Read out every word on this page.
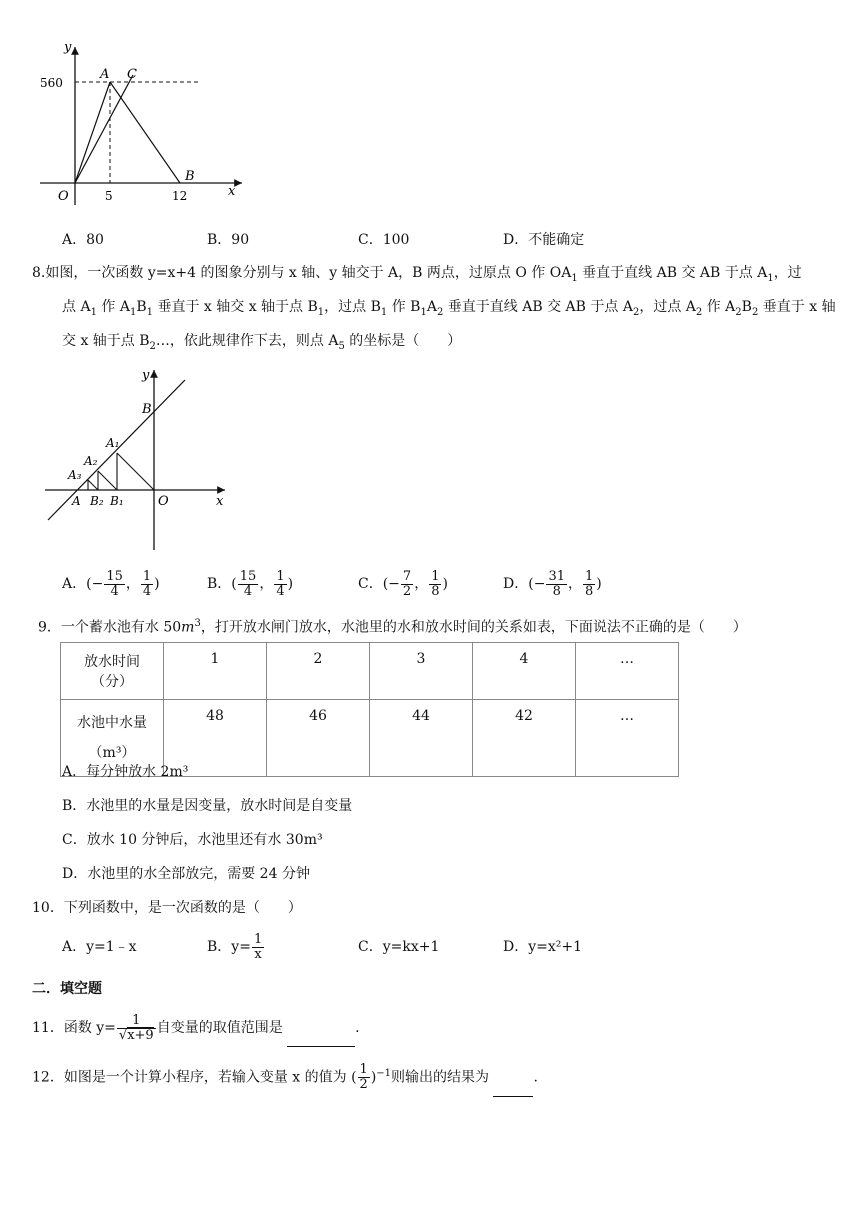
y
x
O
560
5	12
A C
B
A．80	B．90	C．100	D．不能确定
8.如图，一次函数 y=x+4 的图象分别与 x 轴、y 轴交于 A，B 两点，过原点 O 作 $OA_1$ 垂直于直线 AB 交 AB 于点 $A_1$，过
点 $A_1$ 作 $A_1B_1$ 垂直于 x 轴交 x 轴于点 $B_1$，过点 $B_1$ 作 $B_1A_2$ 垂直于直线 AB 交 AB 于点 $A_2$，过点 $A_2$ 作 $A_2B_2$ 垂直于 x 轴
交 x 轴于点 $B_2\dots$，依此规律作下去，则点 $A_5$ 的坐标是（　　）
y
x
O
B
A₁
A₂
A₃
A B₂ B₁
A．(− $\frac{15}{4}$ ， $\frac{1}{4}$ )	B．( $\frac{15}{4}$ ， $\frac{1}{4}$ )	C．(− $\frac{7}{2}$ ， $\frac{1}{8}$ )	D．(− $\frac{31}{8}$ ， $\frac{1}{8}$ )
9．一个蓄水池有水 $50m^3$，打开放水闸门放水，水池里的水和放水时间的关系如表，下面说法不正确的是（　　）
放水时间（分）	1	2	3	4	…
水池中水量
（m³）	48	46	44	42	…
A．每分钟放水 2m³
B．水池里的水量是因变量，放水时间是自变量
C．放水 10 分钟后，水池里还有水 30m³
D．水池里的水全部放完，需要 24 分钟
10．下列函数中，是一次函数的是（　　）
A．y=1﹣x	B．$y= \frac{1}{x}$	C．y=kx+1	D．y=x²+1
二．填空题
11．函数 $y= \frac{1}{√x+9}$ 自变量的取值范围是	.
12．如图是一个计算小程序，若输入变量 x 的值为 ( $\frac{1}{2} )^{-1}$则输出的结果为	.
